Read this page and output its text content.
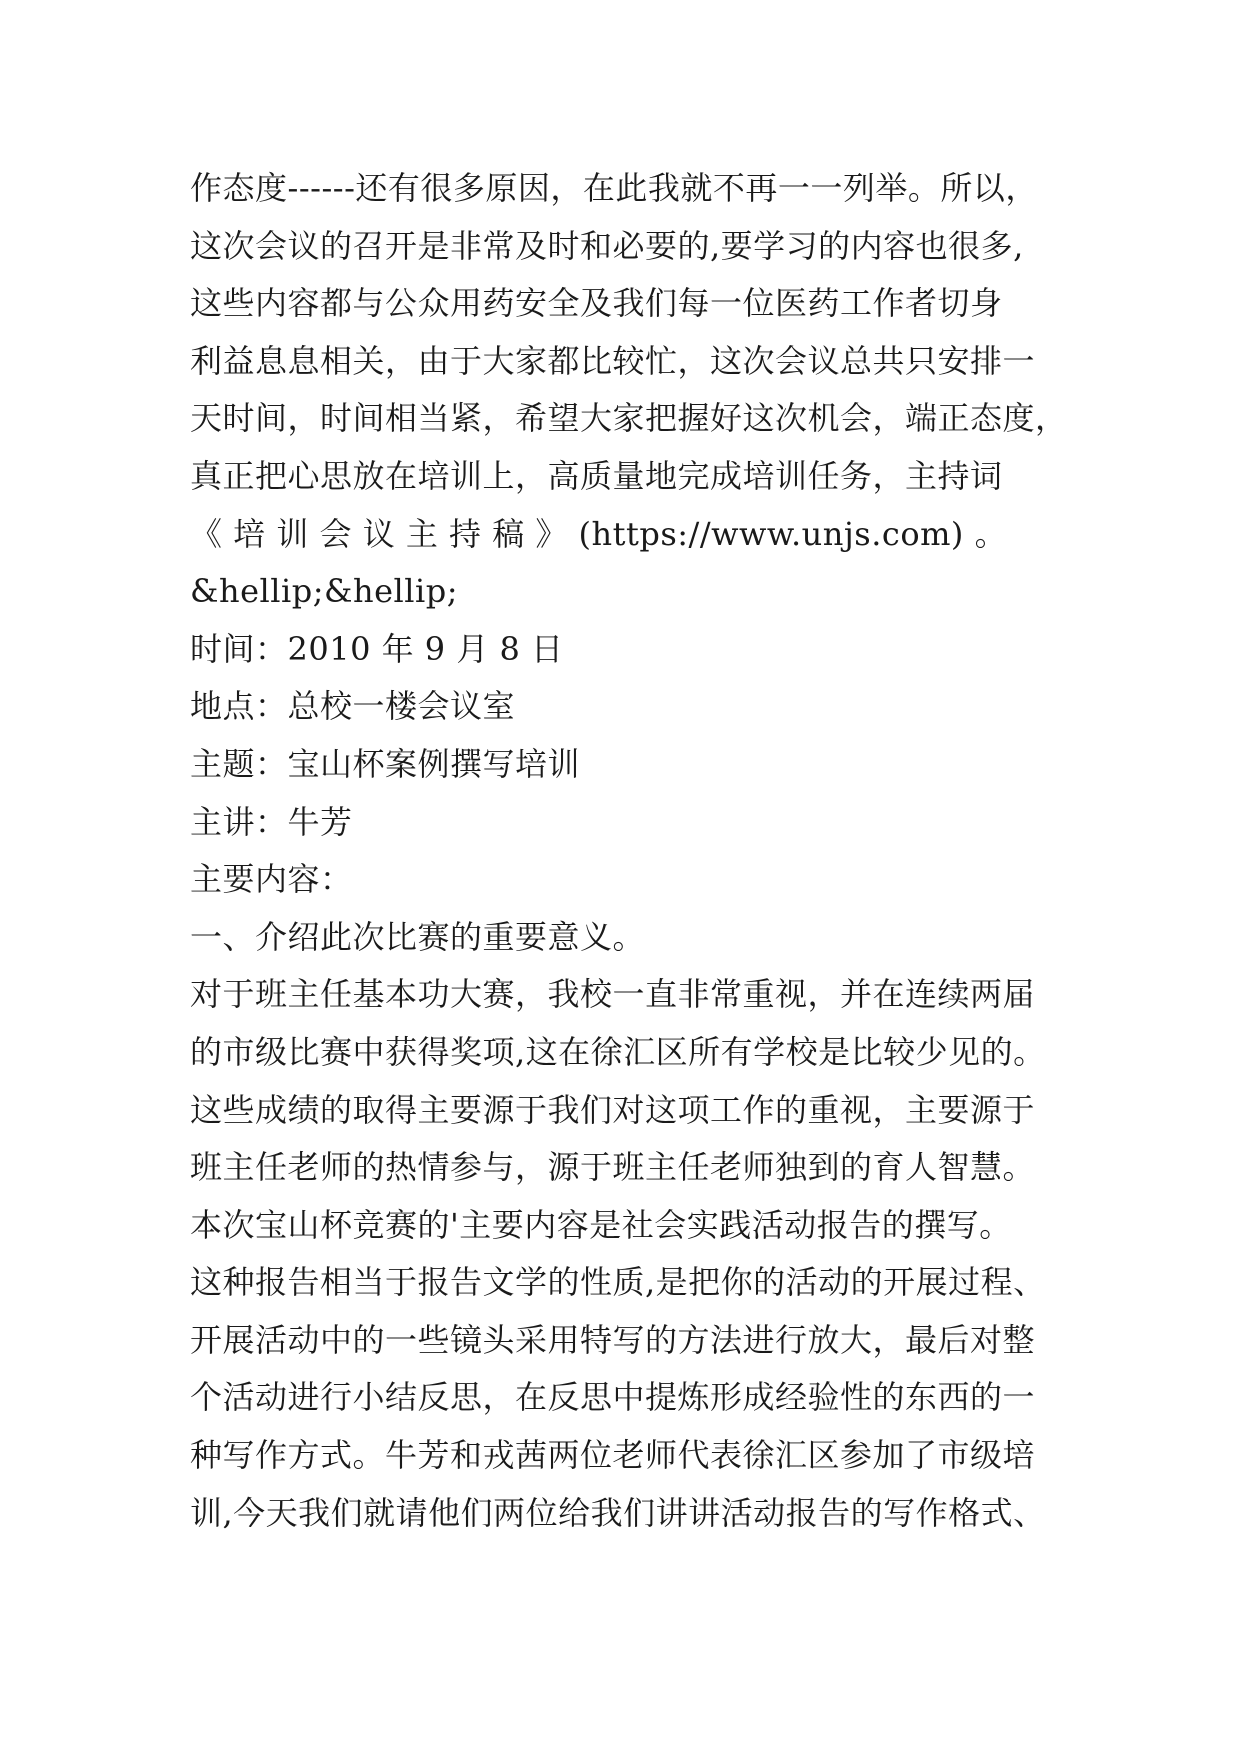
作态度------还有很多原因，在此我就不再一一列举。所以，
这次会议的召开是非常及时和必要的,要学习的内容也很多,
这些内容都与公众用药安全及我们每一位医药工作者切身
利益息息相关，由于大家都比较忙，这次会议总共只安排一
天时间，时间相当紧，希望大家把握好这次机会，端正态度，
真正把心思放在培训上，高质量地完成培训任务，主持词
《 培 训 会 议 主 持 稿 》 (https://www.unjs.com) 。
&hellip;&hellip;
时间：2010 年 9 月 8 日
地点：总校一楼会议室
主题：宝山杯案例撰写培训
主讲：牛芳
主要内容：
一、介绍此次比赛的重要意义。
对于班主任基本功大赛，我校一直非常重视，并在连续两届
的市级比赛中获得奖项,这在徐汇区所有学校是比较少见的。
这些成绩的取得主要源于我们对这项工作的重视，主要源于
班主任老师的热情参与，源于班主任老师独到的育人智慧。
本次宝山杯竞赛的'主要内容是社会实践活动报告的撰写。
这种报告相当于报告文学的性质,是把你的活动的开展过程、
开展活动中的一些镜头采用特写的方法进行放大，最后对整
个活动进行小结反思，在反思中提炼形成经验性的东西的一
种写作方式。牛芳和戎茜两位老师代表徐汇区参加了市级培
训,今天我们就请他们两位给我们讲讲活动报告的写作格式、
